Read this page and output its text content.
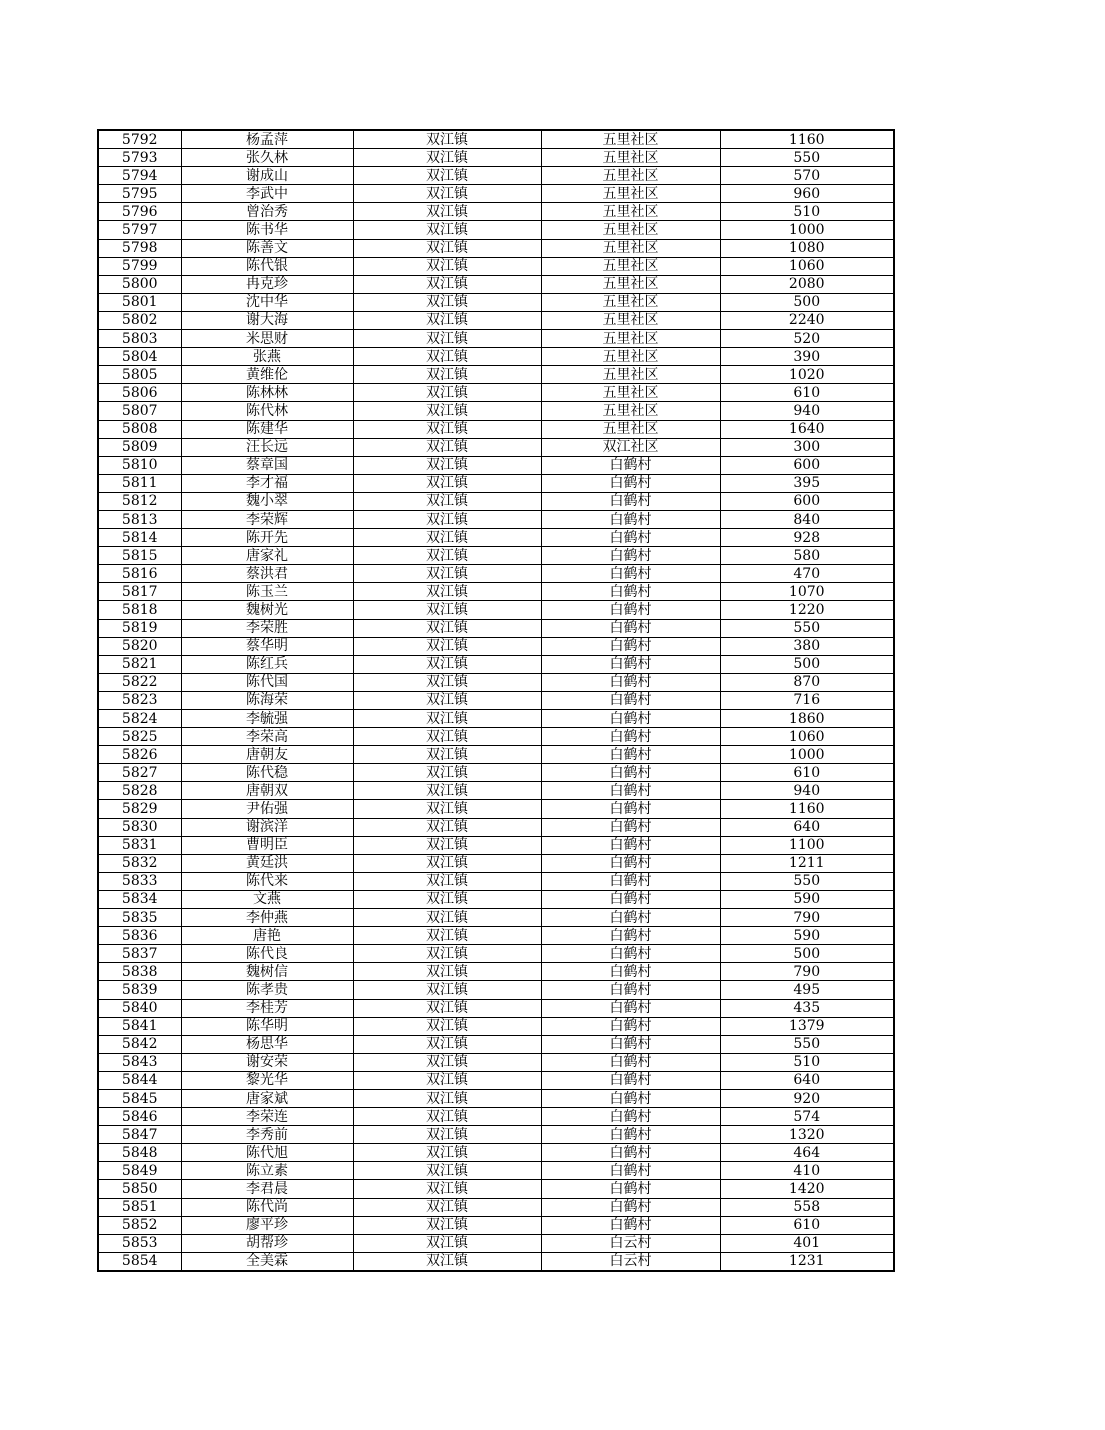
5792	杨孟萍	双江镇	五里社区	1160
5793	张久林	双江镇	五里社区	550
5794	谢成山	双江镇	五里社区	570
5795	李武中	双江镇	五里社区	960
5796	曾治秀	双江镇	五里社区	510
5797	陈书华	双江镇	五里社区	1000
5798	陈善文	双江镇	五里社区	1080
5799	陈代银	双江镇	五里社区	1060
5800	冉克珍	双江镇	五里社区	2080
5801	沈中华	双江镇	五里社区	500
5802	谢大海	双江镇	五里社区	2240
5803	米思财	双江镇	五里社区	520
5804	张燕	双江镇	五里社区	390
5805	黄维伦	双江镇	五里社区	1020
5806	陈林林	双江镇	五里社区	610
5807	陈代林	双江镇	五里社区	940
5808	陈建华	双江镇	五里社区	1640
5809	汪长远	双江镇	双江社区	300
5810	蔡章国	双江镇	白鹤村	600
5811	李才福	双江镇	白鹤村	395
5812	魏小翠	双江镇	白鹤村	600
5813	李荣辉	双江镇	白鹤村	840
5814	陈开先	双江镇	白鹤村	928
5815	唐家礼	双江镇	白鹤村	580
5816	蔡洪君	双江镇	白鹤村	470
5817	陈玉兰	双江镇	白鹤村	1070
5818	魏树光	双江镇	白鹤村	1220
5819	李荣胜	双江镇	白鹤村	550
5820	蔡华明	双江镇	白鹤村	380
5821	陈红兵	双江镇	白鹤村	500
5822	陈代国	双江镇	白鹤村	870
5823	陈海荣	双江镇	白鹤村	716
5824	李毓强	双江镇	白鹤村	1860
5825	李荣高	双江镇	白鹤村	1060
5826	唐朝友	双江镇	白鹤村	1000
5827	陈代稳	双江镇	白鹤村	610
5828	唐朝双	双江镇	白鹤村	940
5829	尹佑强	双江镇	白鹤村	1160
5830	谢滨洋	双江镇	白鹤村	640
5831	曹明臣	双江镇	白鹤村	1100
5832	黄廷洪	双江镇	白鹤村	1211
5833	陈代来	双江镇	白鹤村	550
5834	文燕	双江镇	白鹤村	590
5835	李仲燕	双江镇	白鹤村	790
5836	唐艳	双江镇	白鹤村	590
5837	陈代良	双江镇	白鹤村	500
5838	魏树信	双江镇	白鹤村	790
5839	陈孝贵	双江镇	白鹤村	495
5840	李桂芳	双江镇	白鹤村	435
5841	陈华明	双江镇	白鹤村	1379
5842	杨思华	双江镇	白鹤村	550
5843	谢安荣	双江镇	白鹤村	510
5844	黎光华	双江镇	白鹤村	640
5845	唐家斌	双江镇	白鹤村	920
5846	李荣连	双江镇	白鹤村	574
5847	李秀前	双江镇	白鹤村	1320
5848	陈代旭	双江镇	白鹤村	464
5849	陈立素	双江镇	白鹤村	410
5850	李君晨	双江镇	白鹤村	1420
5851	陈代尚	双江镇	白鹤村	558
5852	廖平珍	双江镇	白鹤村	610
5853	胡帮珍	双江镇	白云村	401
5854	全美霖	双江镇	白云村	1231
